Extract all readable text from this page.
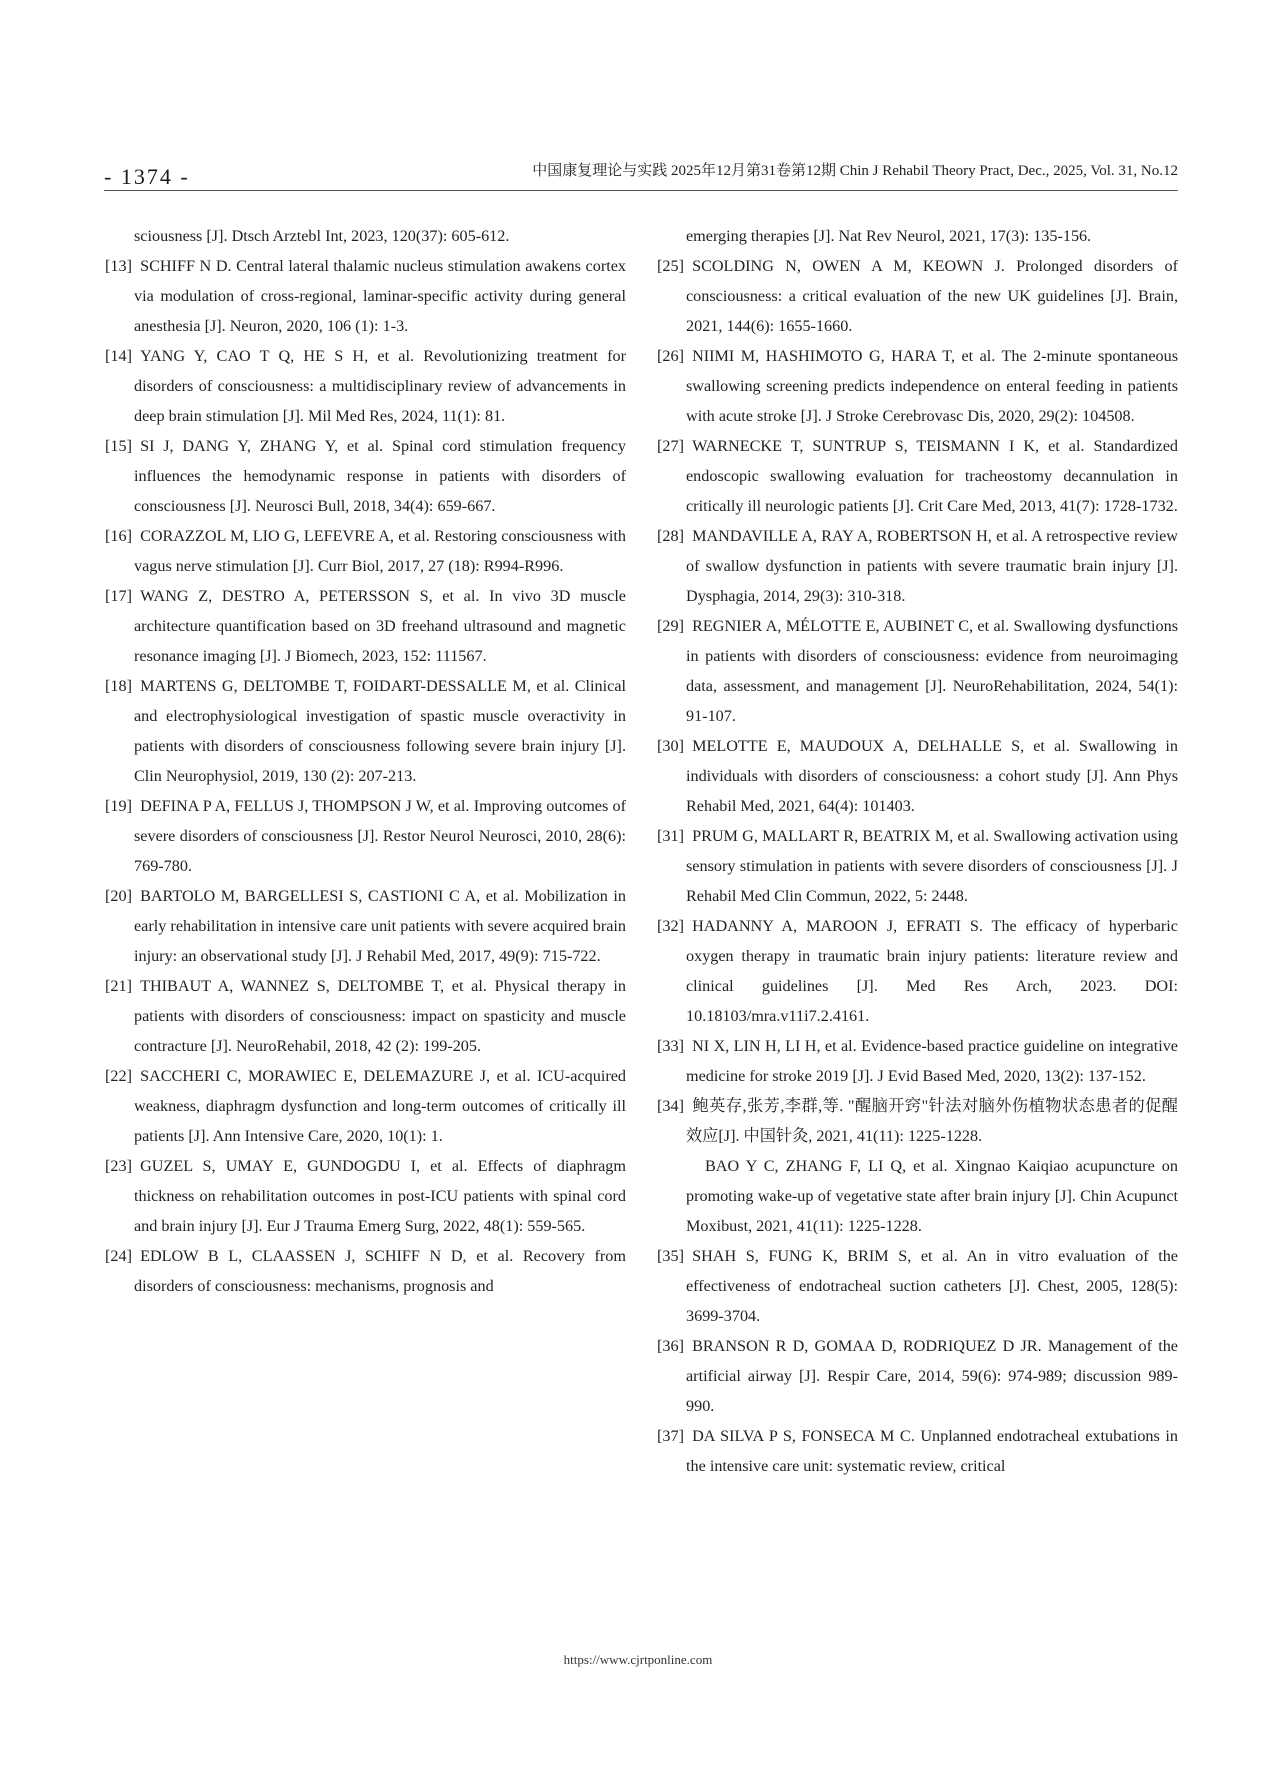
- 1374 -	中国康复理论与实践 2025年12月第31卷第12期 Chin J Rehabil Theory Pract, Dec., 2025, Vol. 31, No.12

sciousness [J]. Dtsch Arztebl Int, 2023, 120(37): 605-612.

[13] SCHIFF N D. Central lateral thalamic nucleus stimulation awakens cortex via modulation of cross-regional, laminar-specific activity during general anesthesia [J]. Neuron, 2020, 106 (1): 1-3.

[14] YANG Y, CAO T Q, HE S H, et al. Revolutionizing treatment for disorders of consciousness: a multidisciplinary review of advancements in deep brain stimulation [J]. Mil Med Res, 2024, 11(1): 81.

[15] SI J, DANG Y, ZHANG Y, et al. Spinal cord stimulation frequency influences the hemodynamic response in patients with disorders of consciousness [J]. Neurosci Bull, 2018, 34(4): 659-667.

[16] CORAZZOL M, LIO G, LEFEVRE A, et al. Restoring consciousness with vagus nerve stimulation [J]. Curr Biol, 2017, 27 (18): R994-R996.

[17] WANG Z, DESTRO A, PETERSSON S, et al. In vivo 3D muscle architecture quantification based on 3D freehand ultrasound and magnetic resonance imaging [J]. J Biomech, 2023, 152: 111567.

[18] MARTENS G, DELTOMBE T, FOIDART-DESSALLE M, et al. Clinical and electrophysiological investigation of spastic muscle overactivity in patients with disorders of consciousness following severe brain injury [J]. Clin Neurophysiol, 2019, 130 (2): 207-213.

[19] DEFINA P A, FELLUS J, THOMPSON J W, et al. Improving outcomes of severe disorders of consciousness [J]. Restor Neurol Neurosci, 2010, 28(6): 769-780.

[20] BARTOLO M, BARGELLESI S, CASTIONI C A, et al. Mobilization in early rehabilitation in intensive care unit patients with severe acquired brain injury: an observational study [J]. J Rehabil Med, 2017, 49(9): 715-722.

[21] THIBAUT A, WANNEZ S, DELTOMBE T, et al. Physical therapy in patients with disorders of consciousness: impact on spasticity and muscle contracture [J]. NeuroRehabil, 2018, 42 (2): 199-205.

[22] SACCHERI C, MORAWIEC E, DELEMAZURE J, et al. ICU-acquired weakness, diaphragm dysfunction and long-term outcomes of critically ill patients [J]. Ann Intensive Care, 2020, 10(1): 1.

[23] GUZEL S, UMAY E, GUNDOGDU I, et al. Effects of diaphragm thickness on rehabilitation outcomes in post-ICU patients with spinal cord and brain injury [J]. Eur J Trauma Emerg Surg, 2022, 48(1): 559-565.

[24] EDLOW B L, CLAASSEN J, SCHIFF N D, et al. Recovery from disorders of consciousness: mechanisms, prognosis and

emerging therapies [J]. Nat Rev Neurol, 2021, 17(3): 135-156.

[25] SCOLDING N, OWEN A M, KEOWN J. Prolonged disorders of consciousness: a critical evaluation of the new UK guidelines [J]. Brain, 2021, 144(6): 1655-1660.

[26] NIIMI M, HASHIMOTO G, HARA T, et al. The 2-minute spontaneous swallowing screening predicts independence on enteral feeding in patients with acute stroke [J]. J Stroke Cerebrovasc Dis, 2020, 29(2): 104508.

[27] WARNECKE T, SUNTRUP S, TEISMANN I K, et al. Standardized endoscopic swallowing evaluation for tracheostomy decannulation in critically ill neurologic patients [J]. Crit Care Med, 2013, 41(7): 1728-1732.

[28] MANDAVILLE A, RAY A, ROBERTSON H, et al. A retrospective review of swallow dysfunction in patients with severe traumatic brain injury [J]. Dysphagia, 2014, 29(3): 310-318.

[29] REGNIER A, MÉLOTTE E, AUBINET C, et al. Swallowing dysfunctions in patients with disorders of consciousness: evidence from neuroimaging data, assessment, and management [J]. NeuroRehabilitation, 2024, 54(1): 91-107.

[30] MELOTTE E, MAUDOUX A, DELHALLE S, et al. Swallowing in individuals with disorders of consciousness: a cohort study [J]. Ann Phys Rehabil Med, 2021, 64(4): 101403.

[31] PRUM G, MALLART R, BEATRIX M, et al. Swallowing activation using sensory stimulation in patients with severe disorders of consciousness [J]. J Rehabil Med Clin Commun, 2022, 5: 2448.

[32] HADANNY A, MAROON J, EFRATI S. The efficacy of hyperbaric oxygen therapy in traumatic brain injury patients: literature review and clinical guidelines [J]. Med Res Arch, 2023. DOI: 10.18103/mra.v11i7.2.4161.

[33] NI X, LIN H, LI H, et al. Evidence-based practice guideline on integrative medicine for stroke 2019 [J]. J Evid Based Med, 2020, 13(2): 137-152.

[34] 鲍英存,张芳,李群,等. "醒脑开窍"针法对脑外伤植物状态患者的促醒效应[J]. 中国针灸, 2021, 41(11): 1225-1228.

BAO Y C, ZHANG F, LI Q, et al. Xingnao Kaiqiao acupuncture on promoting wake-up of vegetative state after brain injury [J]. Chin Acupunct Moxibust, 2021, 41(11): 1225-1228.

[35] SHAH S, FUNG K, BRIM S, et al. An in vitro evaluation of the effectiveness of endotracheal suction catheters [J]. Chest, 2005, 128(5): 3699-3704.

[36] BRANSON R D, GOMAA D, RODRIQUEZ D JR. Management of the artificial airway [J]. Respir Care, 2014, 59(6): 974-989; discussion 989-990.

[37] DA SILVA P S, FONSECA M C. Unplanned endotracheal extubations in the intensive care unit: systematic review, critical

https://www.cjrtponline.com
